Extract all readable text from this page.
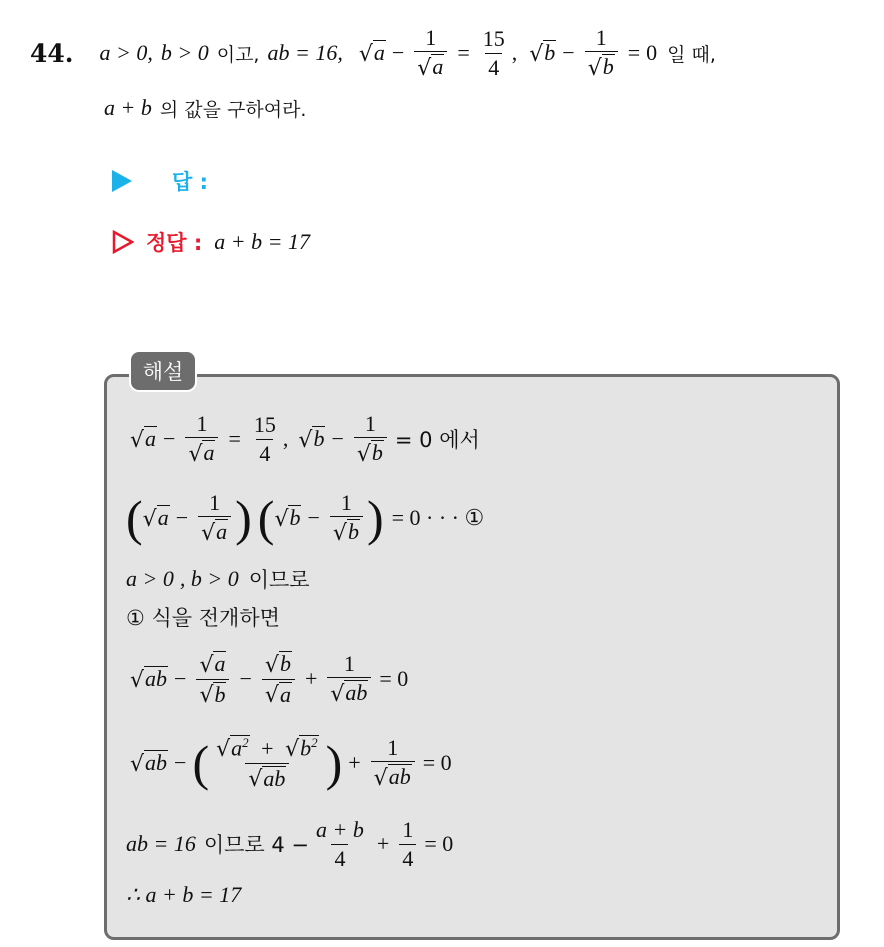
44. a > 0, b > 0 이고, ab = 16, √ $a - \frac{1}{√ a} = \frac{15}{4}$ , √ $b - \frac{1}{√ b} = 0$ 일 때,
a + b 의 값을 구하여라.
답 :
정답 : a + b = 17
해설
√ $a - \frac{1}{√ a} = \frac{15}{4}$ , √ $b - \frac{1}{√ b} = 0$ 에서
( √ $a - \frac{1}{√ a}$ ) ( √ $b - \frac{1}{√ b}$ ) = 0 · · · ①
a > 0 , b > 0 이므로
① 식을 전개하면
√ ab − $\frac{√ a}{√ b} - \frac{√ b}{√ a} + \frac{1}{√ ab} = 0$
√ ab − ( $\frac{√ a^2 + √ b^2}{√ ab}$ ) + $\frac{1}{√ ab} = 0$
ab = 16 이므로 $4 - \frac{a + b}{4} + \frac{1}{4} = 0$
∴ a + b = 17
